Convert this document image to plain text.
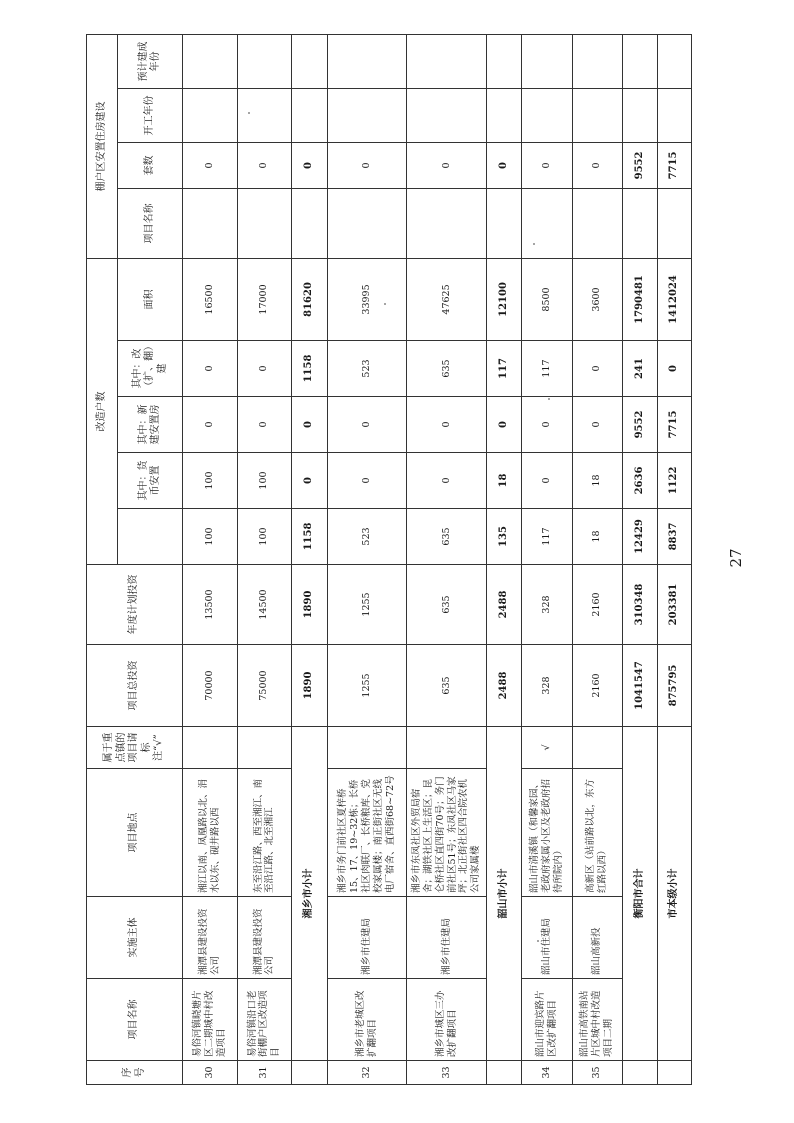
序号	项目名称	实施主体	项目地点	属于重点镇的项目请标注“√”	项目总投资	年度计划投资	改造户数					棚户区安置住房建设			
								其中：货币安置	其中：新建安置房	其中：改（扩、翻）建	面积	项目名称	套数	开工年份	预计建成年份
30	易俗河镇晓塘片区二期城中村改造项目	湘潭县建设投资公司	湘江以南、凤凰路以北、涓水以东、砚井路以西		70000	13500	100	100	0	0	16500		0		
31	易俗河镇沿口老街棚户区改造项目	湘潭县建设投资公司	东至沿江路、西至湘江、南至沿江路、北至湘江		75000	14500	100	100	0	0	17000		0		
	湘乡市小计				1890	1890	1158	0	0	1158	81620		0		
32	湘乡市老城区改扩翻项目	湘乡市住建局	湘乡市务门前社区夏梓桥15、17、19~32栋；长桥社区肉联厂、长桥粮库、党校家属楼；南正街社区无线电厂宿舍、直西街68~72号		1255	1255	523	0	0	523	33995		0		
33	湘乡市城区三办改扩翻项目	湘乡市住建局	湘乡市东凤社区外贸局宿舍；湖铁社区上生活区；昆仑桥社区直四街70号；务门前社区51号；东凤社区马家坪；北正街社区四合院农机公司家属楼		635	635	635	0	0	635	47625		0		
	韶山市小计				2488	2488	135	18	0	117	12100		0		
34	韶山市迎宾路片区改扩翻项目	韶山市住建局	韶山市清溪镇（和馨家园、老政府家属小区及老政府招待所院内）	√	328	328	117	0	0	117	8500		0		
35	韶山市高铁南站片区城中村改造项目二期	韶山高新投	高新区（站前路以北，东方红路以西）		2160	2160	18	18	0	0	3600		0		
	衡阳市合计				1041547	310348	12429	2636	9552	241	1790481		9552		
	市本级小计				875795	203381	8837	1122	7715	0	1412024		7715		
27
